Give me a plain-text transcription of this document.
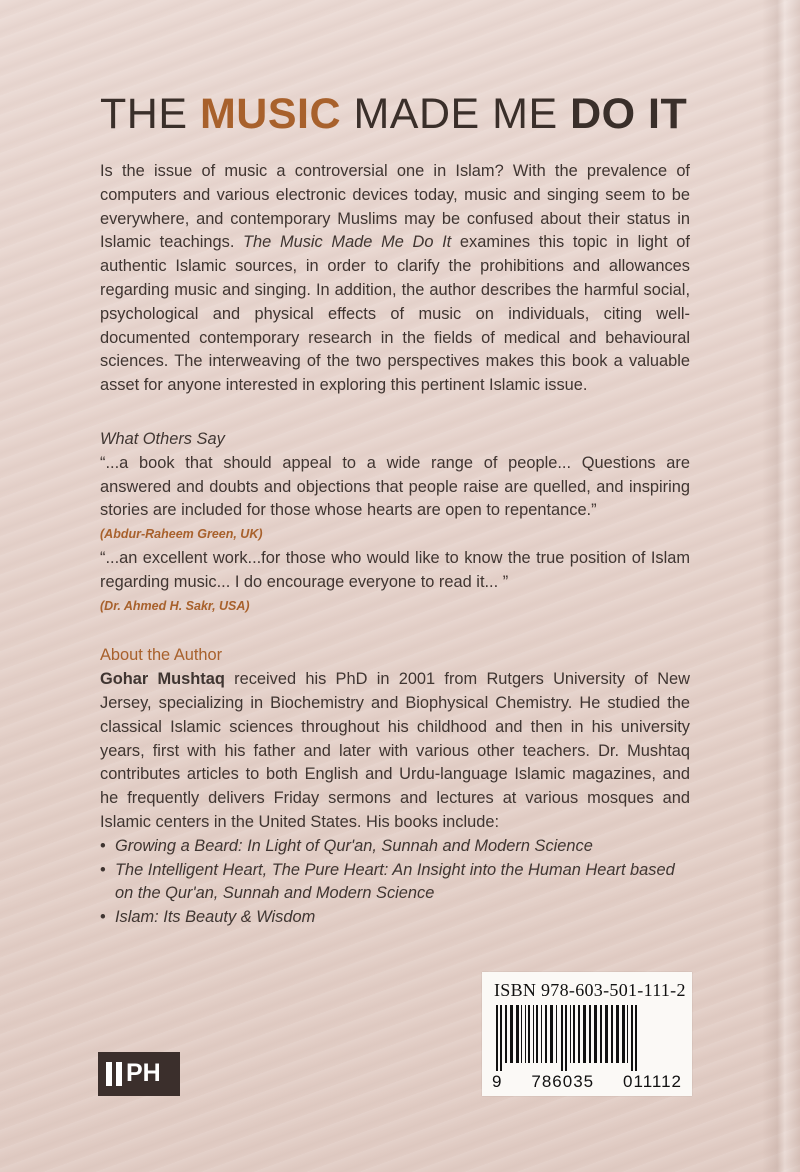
THE MUSIC MADE ME DO IT

Is the issue of music a controversial one in Islam? With the prevalence of computers and various electronic devices today, music and singing seem to be everywhere, and contemporary Muslims may be confused about their status in Islamic teachings. The Music Made Me Do It examines this topic in light of authentic Islamic sources, in order to clarify the prohibitions and allowances regarding music and singing. In addition, the author describes the harmful social, psychological and physical effects of music on individuals, citing well-documented contemporary research in the fields of medical and behavioural sciences. The interweaving of the two perspectives makes this book a valuable asset for anyone interested in exploring this pertinent Islamic issue.

What Others Say

“...a book that should appeal to a wide range of people... Questions are answered and doubts and objections that people raise are quelled, and inspiring stories are included for those whose hearts are open to repentance.”

(Abdur-Raheem Green, UK)

“...an excellent work...for those who would like to know the true position of Islam regarding music... I do encourage everyone to read it... ”

(Dr. Ahmed H. Sakr, USA)

About the Author

Gohar Mushtaq received his PhD in 2001 from Rutgers University of New Jersey, specializing in Biochemistry and Biophysical Chemistry. He studied the classical Islamic sciences throughout his childhood and then in his university years, first with his father and later with various other teachers. Dr. Mushtaq contributes articles to both English and Urdu-language Islamic magazines, and he frequently delivers Friday sermons and lectures at various mosques and Islamic centers in the United States. His books include:

• Growing a Beard: In Light of Qur'an, Sunnah and Modern Science
• The Intelligent Heart, The Pure Heart: An Insight into the Human Heart based on the Qur'an, Sunnah and Modern Science
• Islam: Its Beauty & Wisdom
ISBN 978-603-501-111-2
9 786035 011112
PH
